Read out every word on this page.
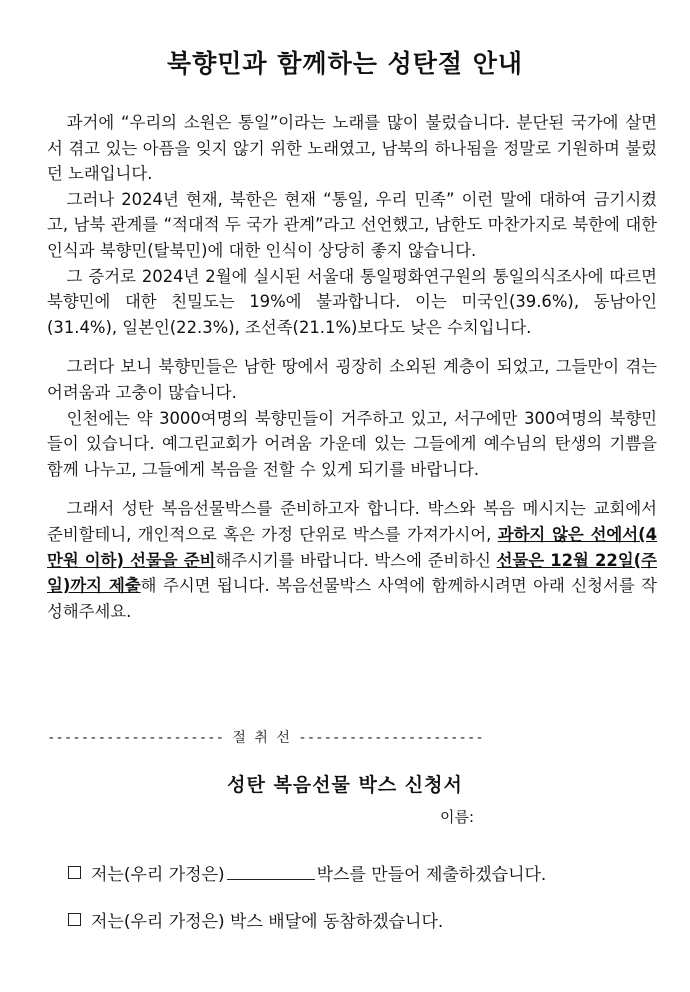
북향민과 함께하는 성탄절 안내

과거에 “우리의 소원은 통일”이라는 노래를 많이 불렀습니다. 분단된 국가에 살면서 겪고 있는 아픔을 잊지 않기 위한 노래였고, 남북의 하나됨을 정말로 기원하며 불렀던 노래입니다.

그러나 2024년 현재, 북한은 현재 “통일, 우리 민족” 이런 말에 대하여 금기시켰고, 남북 관계를 “적대적 두 국가 관계”라고 선언했고, 남한도 마찬가지로 북한에 대한 인식과 북향민(탈북민)에 대한 인식이 상당히 좋지 않습니다.

그 증거로 2024년 2월에 실시된 서울대 통일평화연구원의 통일의식조사에 따르면 북향민에 대한 친밀도는 19%에 불과합니다. 이는 미국인(39.6%), 동남아인(31.4%), 일본인(22.3%), 조선족(21.1%)보다도 낮은 수치입니다.

그러다 보니 북향민들은 남한 땅에서 굉장히 소외된 계층이 되었고, 그들만이 겪는 어려움과 고충이 많습니다.

인천에는 약 3000여명의 북향민들이 거주하고 있고, 서구에만 300여명의 북향민들이 있습니다. 예그린교회가 어려움 가운데 있는 그들에게 예수님의 탄생의 기쁨을 함께 나누고, 그들에게 복음을 전할 수 있게 되기를 바랍니다.

그래서 성탄 복음선물박스를 준비하고자 합니다. 박스와 복음 메시지는 교회에서 준비할테니, 개인적으로 혹은 가정 단위로 박스를 가져가시어, 과하지 않은 선에서(4만원 이하) 선물을 준비해주시기를 바랍니다. 박스에 준비하신 선물은 12월 22일(주일)까지 제출해 주시면 됩니다. 복음선물박스 사역에 함께하시려면 아래 신청서를 작성해주세요.

--------------------- 절 취 선 ----------------------
성탄 복음선물 박스 신청서
이름:
저는(우리 가정은)	박스를 만들어 제출하겠습니다.
저는(우리 가정은) 박스 배달에 동참하겠습니다.
